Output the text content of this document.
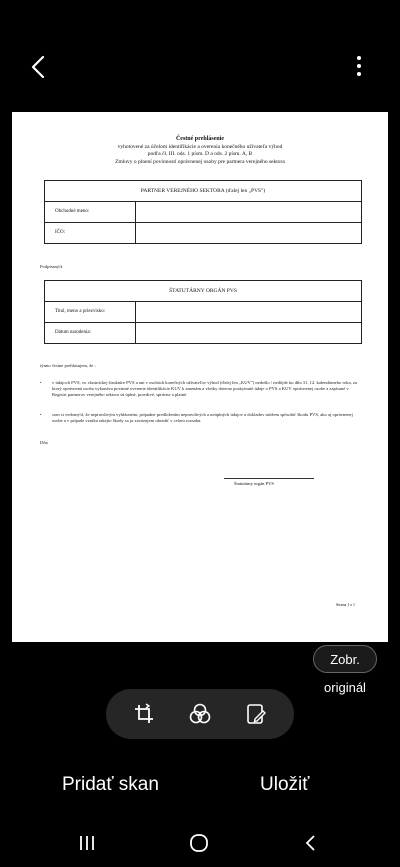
Čestné prehlásenie
vyhotovené za účelom identifikácie a overenia konečného užívateľa výhod
podľa čl. III. ods. 1 písm. D a ods. 2 písm. A, B
Zmluvy o plnení povinností oprávnenej osoby pre partnera verejného sektora
PARTNER VEREJNÉHO SEKTORA (ďalej len „PVS")
Obchodné meno:
IČO:
Podpísaný/á
ŠTATUTÁRNY ORGÁN PVS
Titul, meno a priezvisko:
Dátum narodenia:
týmto čestne prehlasujem, že :
•	v údajoch PVS, vo vlastníckej štruktúre PVS a ani v osobách konečných užívateľov výhod (ďalej len „KUV") nedošlo / nedôjde ku dňu 31. 12. kalendárneho roka, za ktorý oprávnená osoba vykonáva povinné overenie identifikácie KUV k zmenám a všetky doteraz poskytnuté údaje o PVS a KUV oprávnenej osobe a zapísané v Registri partnerov verejného sektora sú úplné, pravdivé, správne a platné.
•	som si vedomý/á, že nepravdivým vyhlásením, prípadne predložením nepravdivých a neúplných údajov a dokladov môžem spôsobiť škodu PVS, ako aj oprávnenej osobe a v prípade vzniku takejto škody sa ju zaväzujem uhradiť v celom rozsahu.
Dňa
Štatutárny orgán PVS
Strana 1 z 1
Zobr. originál
Pridať skan	Uložiť
